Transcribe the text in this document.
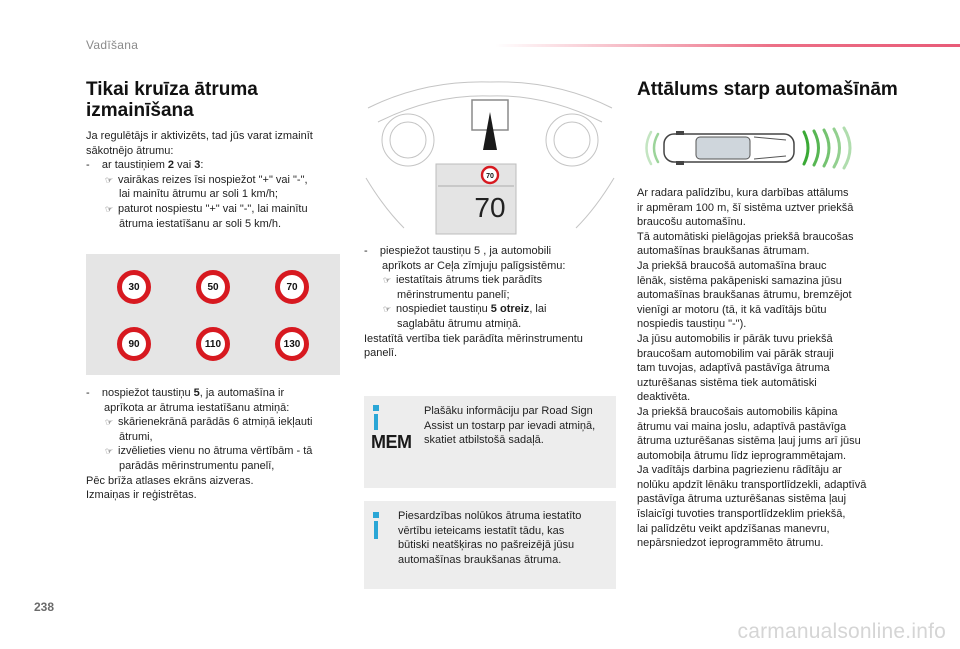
Vadīšana
Tikai kruīza ātruma
izmainīšana

Ja regulētājs ir aktivizēts, tad jūs varat izmainīt

sākotnējo ātrumu:

-    ar taustiņiem 2 vai 3:

☞ vairākas reizes īsi nospiežot "+" vai "-",

lai mainītu ātrumu ar soli 1 km/h;

☞ paturot nospiestu "+" vai "-", lai mainītu

ātruma iestatīšanu ar soli 5 km/h.

30	50	70
90	110	130

-    nospiežot taustiņu 5, ja automašīna ir

aprīkota ar ātruma iestatīšanu atmiņā:

☞ skārienekrānā parādās 6 atmiņā iekļauti

ātrumi,

☞ izvēlieties vienu no ātruma vērtībām - tā

parādās mērinstrumentu panelī,

Pēc brīža atlases ekrāns aizveras.

Izmaiņas ir reģistrētas.

70
70

-    piespiežot taustiņu 5 , ja automobili

aprīkots ar Ceļa zīmjuju palīgsistēmu:

☞ iestatītais ātrums tiek parādīts

mērinstrumentu panelī;

☞ nospiediet taustiņu 5 otreiz, lai

saglabātu ātrumu atmiņā.

Iestatītā vertība tiek parādīta mērinstrumentu

panelī.

MEM
Plašāku informāciju par Road Sign
Assist un tostarp par ievadi atmiņā,
skatiet atbilstošā sadaļā.
Piesardzības nolūkos ātruma iestatīto
vērtību ieteicams iestatīt tādu, kas
būtiski neatšķiras no pašreizējā jūsu
automašīnas braukšanas ātruma.
Attālums starp automašīnām

Ar radara palīdzību, kura darbības attālums

ir apmēram 100 m, šī sistēma uztver priekšā

braucošu automašīnu.

Tā automātiski pielāgojas priekšā braucošas

automašīnas braukšanas ātrumam.

Ja priekšā braucošā automašīna brauc

lēnāk, sistēma pakāpeniski samazina jūsu

automašīnas braukšanas ātrumu, bremzējot

vienīgi ar motoru (tā, it kā vadītājs būtu

nospiedis taustiņu "-").

Ja jūsu automobilis ir pārāk tuvu priekšā

braucošam automobilim vai pārāk strauji

tam tuvojas, adaptīvā pastāvīga ātruma

uzturēšanas sistēma tiek automātiski

deaktivēta.

Ja priekšā braucošais automobilis kāpina

ātrumu vai maina joslu, adaptīvā pastāvīga

ātruma uzturēšanas sistēma ļauj jums arī jūsu

automobiļa ātrumu līdz ieprogrammētajam.

Ja vadītājs darbina pagriezienu rādītāju ar

nolūku apdzīt lēnāku transportlīdzekli, adaptīvā

pastāvīga ātruma uzturēšanas sistēma ļauj

īslaicīgi tuvoties transportlīdzeklim priekšā,

lai palīdzētu veikt apdzīšanas manevru,

nepārsniedzot ieprogrammēto ātrumu.

238
carmanualsonline.info
